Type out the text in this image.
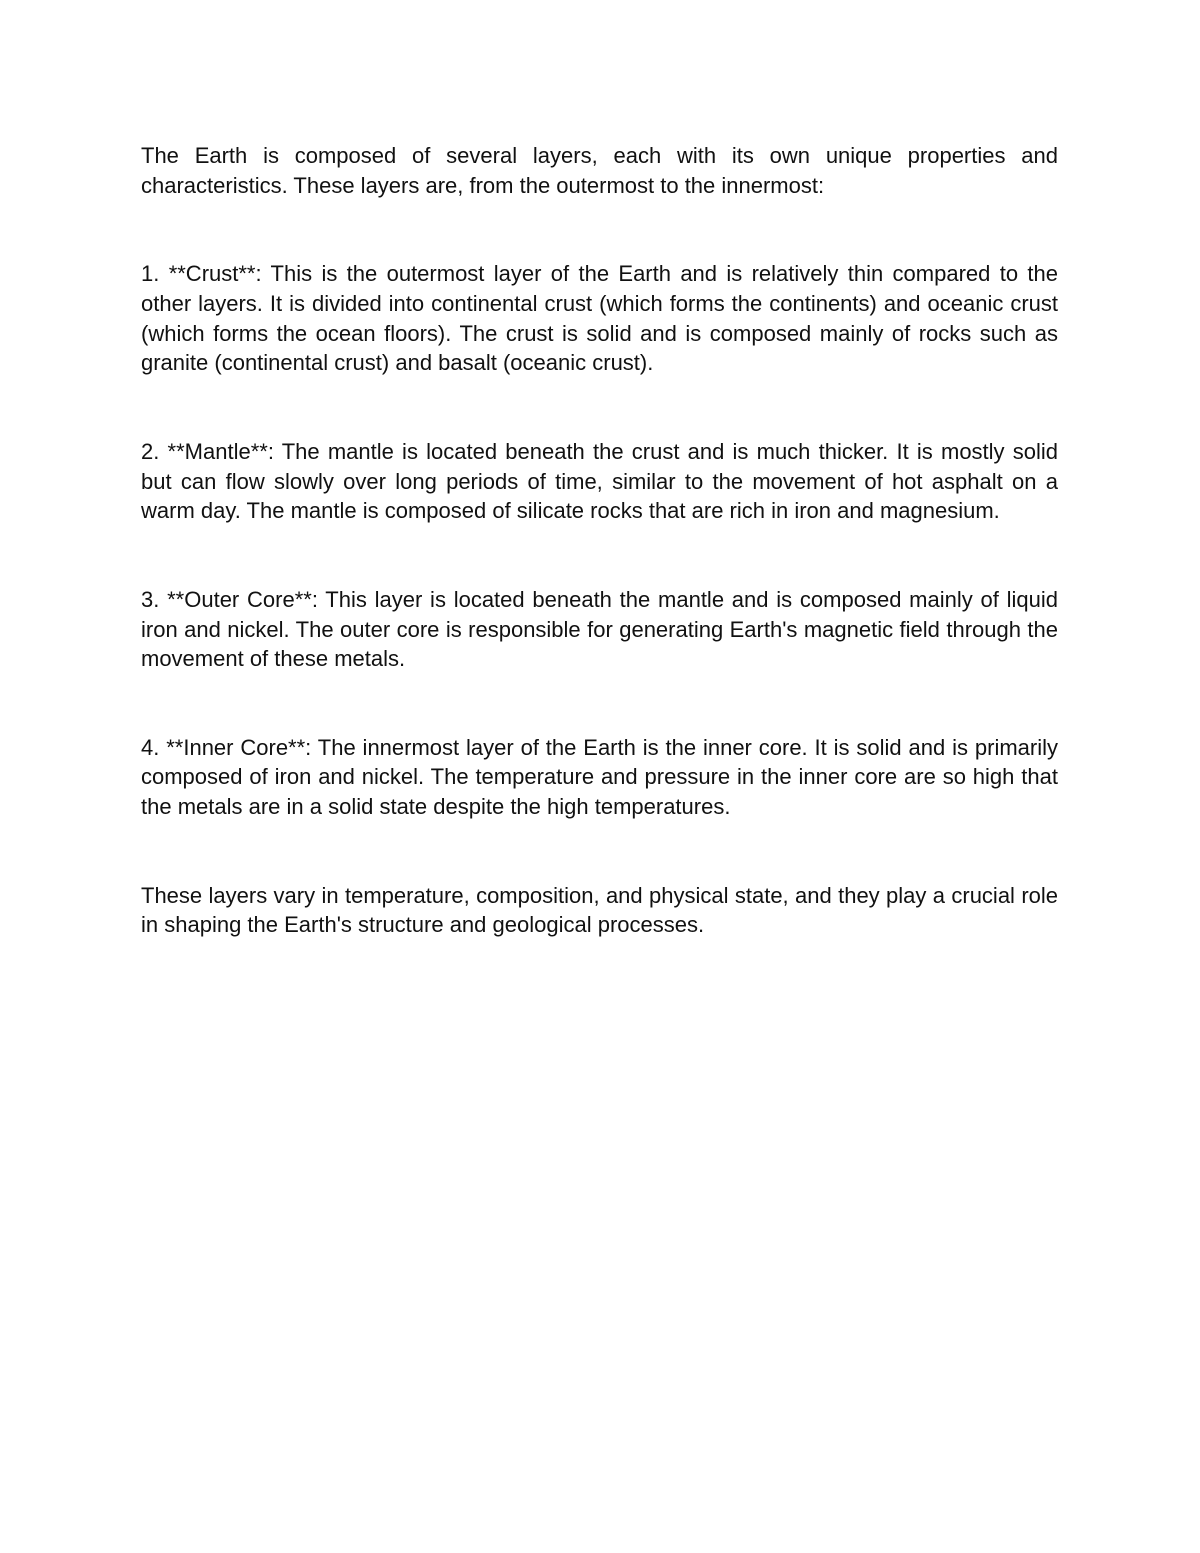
The Earth is composed of several layers, each with its own unique properties and characteristics. These layers are, from the outermost to the innermost:

1. **Crust**: This is the outermost layer of the Earth and is relatively thin compared to the other layers. It is divided into continental crust (which forms the continents) and oceanic crust (which forms the ocean floors). The crust is solid and is composed mainly of rocks such as granite (continental crust) and basalt (oceanic crust).

2. **Mantle**: The mantle is located beneath the crust and is much thicker. It is mostly solid but can flow slowly over long periods of time, similar to the movement of hot asphalt on a warm day. The mantle is composed of silicate rocks that are rich in iron and magnesium.

3. **Outer Core**: This layer is located beneath the mantle and is composed mainly of liquid iron and nickel. The outer core is responsible for generating Earth's magnetic field through the movement of these metals.

4. **Inner Core**: The innermost layer of the Earth is the inner core. It is solid and is primarily composed of iron and nickel. The temperature and pressure in the inner core are so high that the metals are in a solid state despite the high temperatures.

These layers vary in temperature, composition, and physical state, and they play a crucial role in shaping the Earth's structure and geological processes.
